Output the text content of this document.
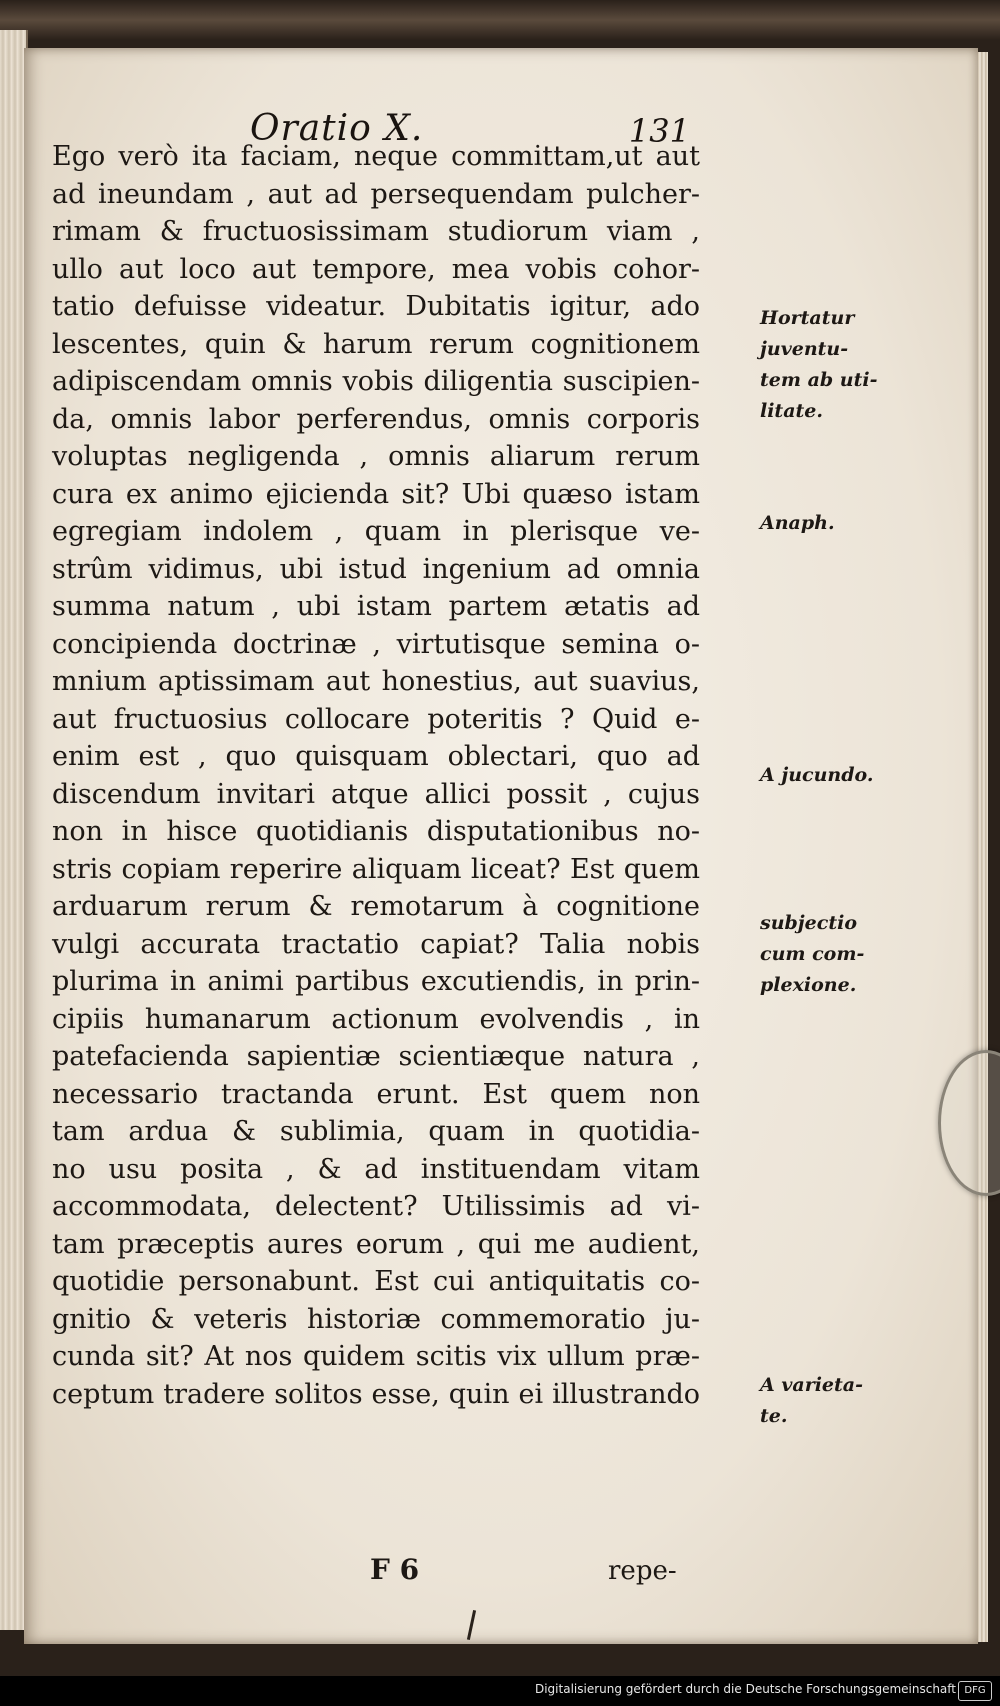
Oratio X.	131
Ego verò ita faciam, neque committam,ut aut
ad ineundam , aut ad persequendam pulcher-
rimam & fructuosissimam studiorum viam ,
ullo aut loco aut tempore, mea vobis cohor-
tatio defuisse videatur. Dubitatis igitur, ado
lescentes, quin & harum rerum cognitionem
adipiscendam omnis vobis diligentia suscipien-
da, omnis labor perferendus, omnis corporis
voluptas negligenda , omnis aliarum rerum
cura ex animo ejicienda sit? Ubi quæso istam
egregiam indolem , quam in plerisque ve-
strûm vidimus, ubi istud ingenium ad omnia
summa natum , ubi istam partem ætatis ad
concipienda doctrinæ , virtutisque semina o-
mnium aptissimam aut honestius, aut suavius,
aut fructuosius collocare poteritis ? Quid e-
enim est , quo quisquam oblectari, quo ad
discendum invitari atque allici possit , cujus
non in hisce quotidianis disputationibus no-
stris copiam reperire aliquam liceat? Est quem
arduarum rerum & remotarum à cognitione
vulgi accurata tractatio capiat? Talia nobis
plurima in animi partibus excutiendis, in prin-
cipiis humanarum actionum evolvendis , in
patefacienda sapientiæ scientiæque natura ,
necessario tractanda erunt. Est quem non
tam ardua & sublimia, quam in quotidia-
no usu posita , & ad instituendam vitam
accommodata, delectent? Utilissimis ad vi-
tam præceptis aures eorum , qui me audient,
quotidie personabunt. Est cui antiquitatis co-
gnitio & veteris historiæ commemoratio ju-
cunda sit? At nos quidem scitis vix ullum præ-
ceptum tradere solitos esse, quin ei illustrando
Hortatur
juventu-
tem ab uti-
litate.
Anaph.
A jucundo.
subjectio
cum com-
plexione.
A varieta-
te.
F 6	repe-
Digitalisierung gefördert durch die Deutsche Forschungsgemeinschaft DFG
